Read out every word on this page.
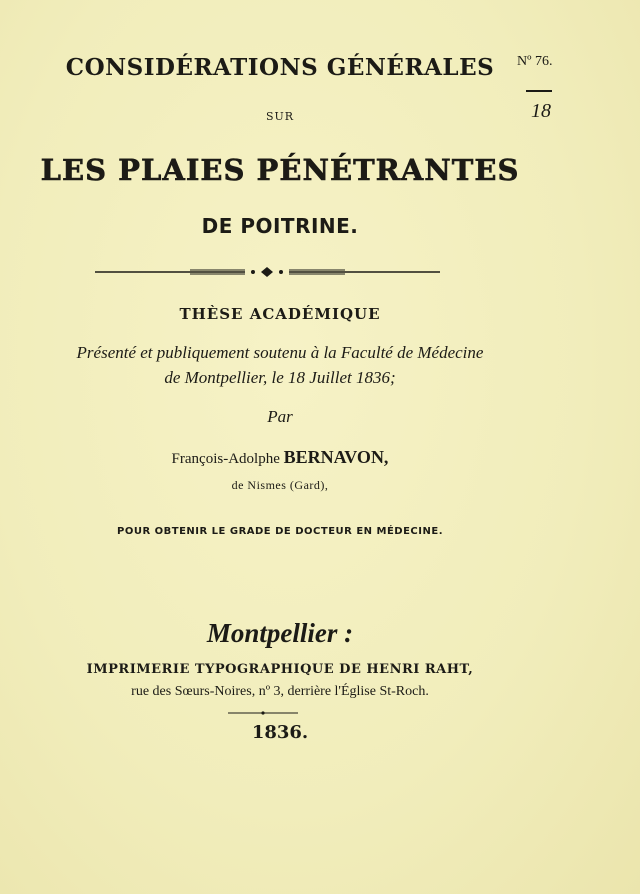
CONSIDÉRATIONS GÉNÉRALES
SUR
LES PLAIES PÉNÉTRANTES
DE POITRINE.
THÈSE ACADÉMIQUE
Présenté et publiquement soutenu à la Faculté de Médecine
de Montpellier, le 18 Juillet 1836;
Par
François-Adolphe BERNAVON,
de Nismes (Gard),
POUR OBTENIR LE GRADE DE DOCTEUR EN MÉDECINE.
Montpellier :
IMPRIMERIE TYPOGRAPHIQUE DE HENRI RAHT,
rue des Sœurs-Noires, nº 3, derrière l'Église St-Roch.
1836.
Nº 76.
18
